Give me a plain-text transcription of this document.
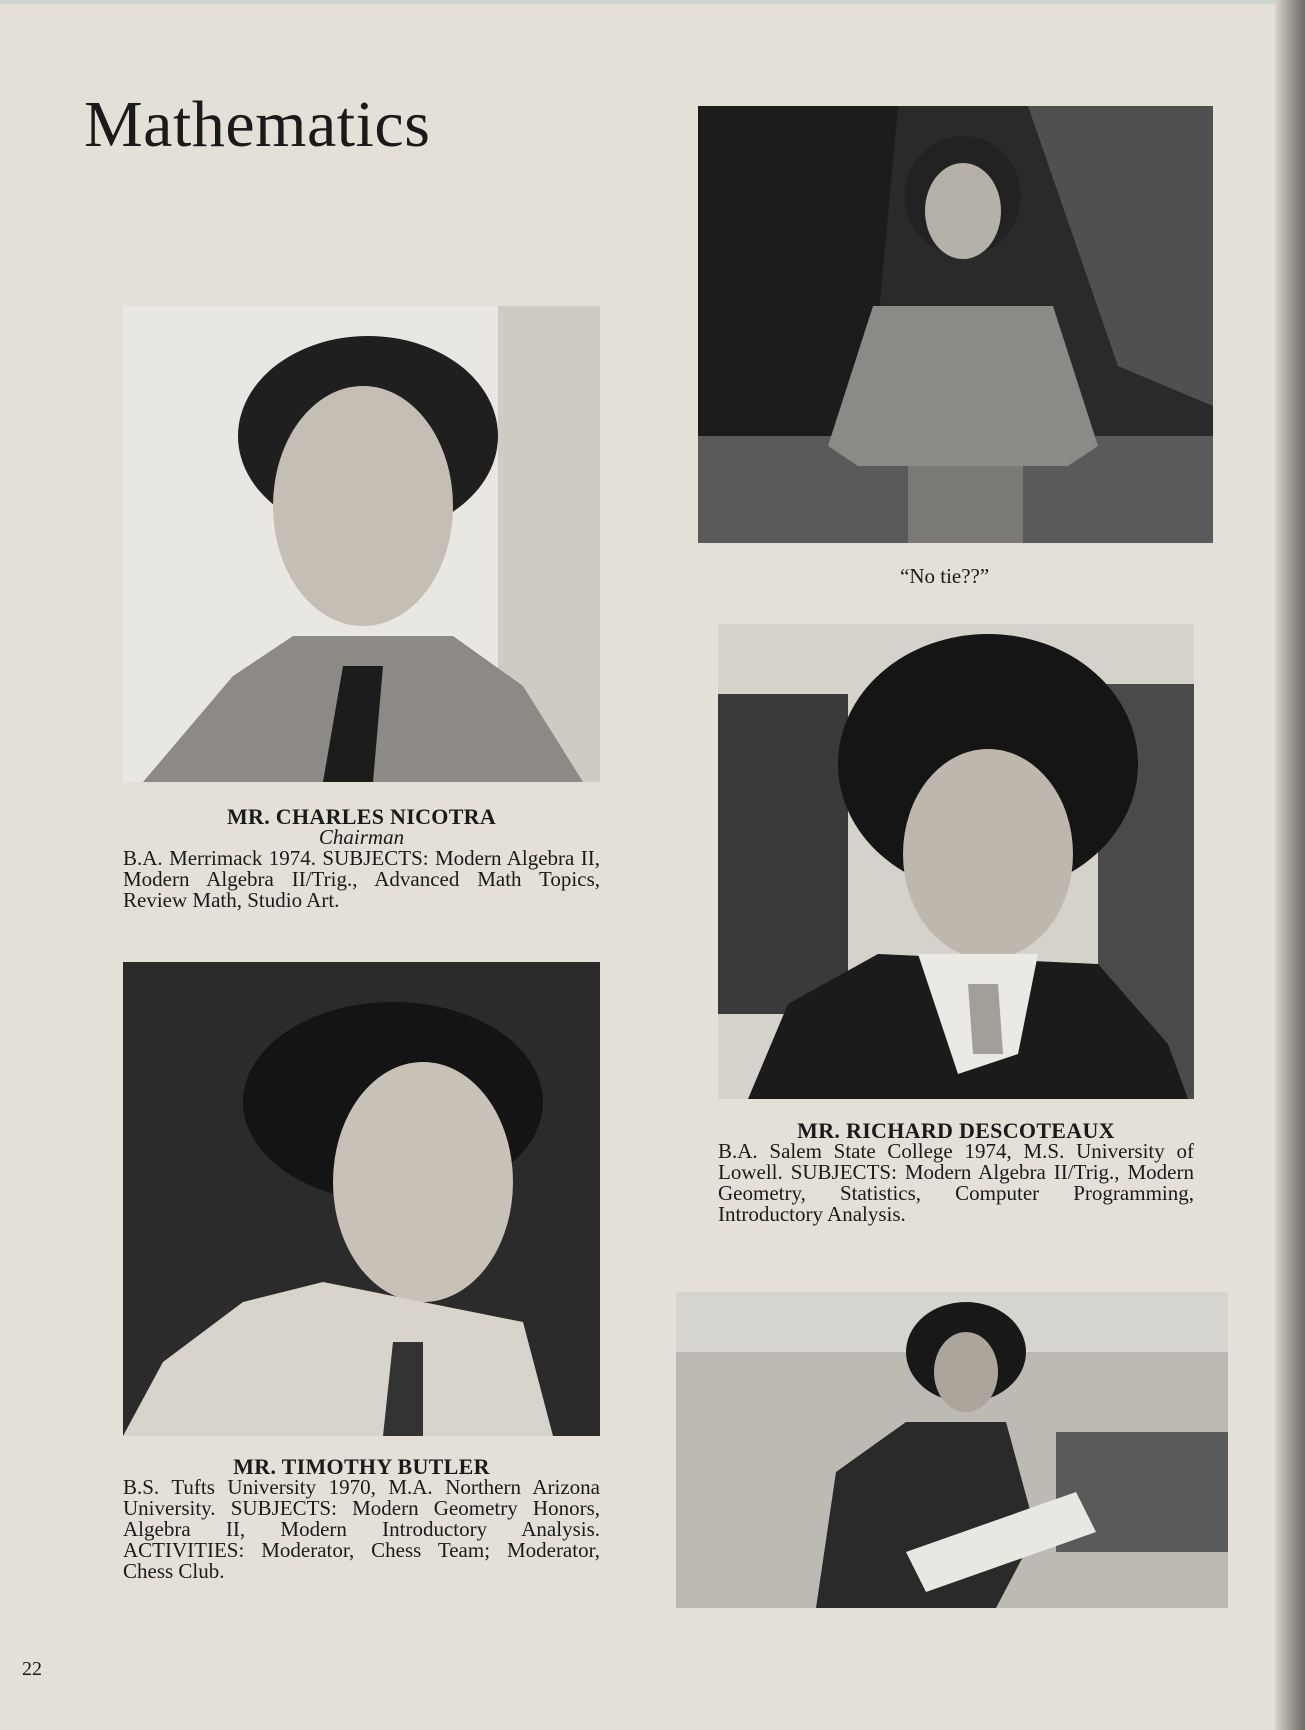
Mathematics
“No tie??”
MR. CHARLES NICOTRA
Chairman
B.A. Merrimack 1974. SUBJECTS: Modern Algebra II, Modern Algebra II/Trig., Advanced Math Topics, Review Math, Studio Art.
MR. RICHARD DESCOTEAUX
B.A. Salem State College 1974, M.S. University of Lowell. SUBJECTS: Modern Algebra II/Trig., Modern Geometry, Statistics, Computer Programming, Introductory Analysis.
MR. TIMOTHY BUTLER
B.S. Tufts University 1970, M.A. Northern Arizona University. SUBJECTS: Modern Geometry Honors, Algebra II, Modern Introductory Analysis. ACTIVITIES: Moderator, Chess Team; Moderator, Chess Club.
22
